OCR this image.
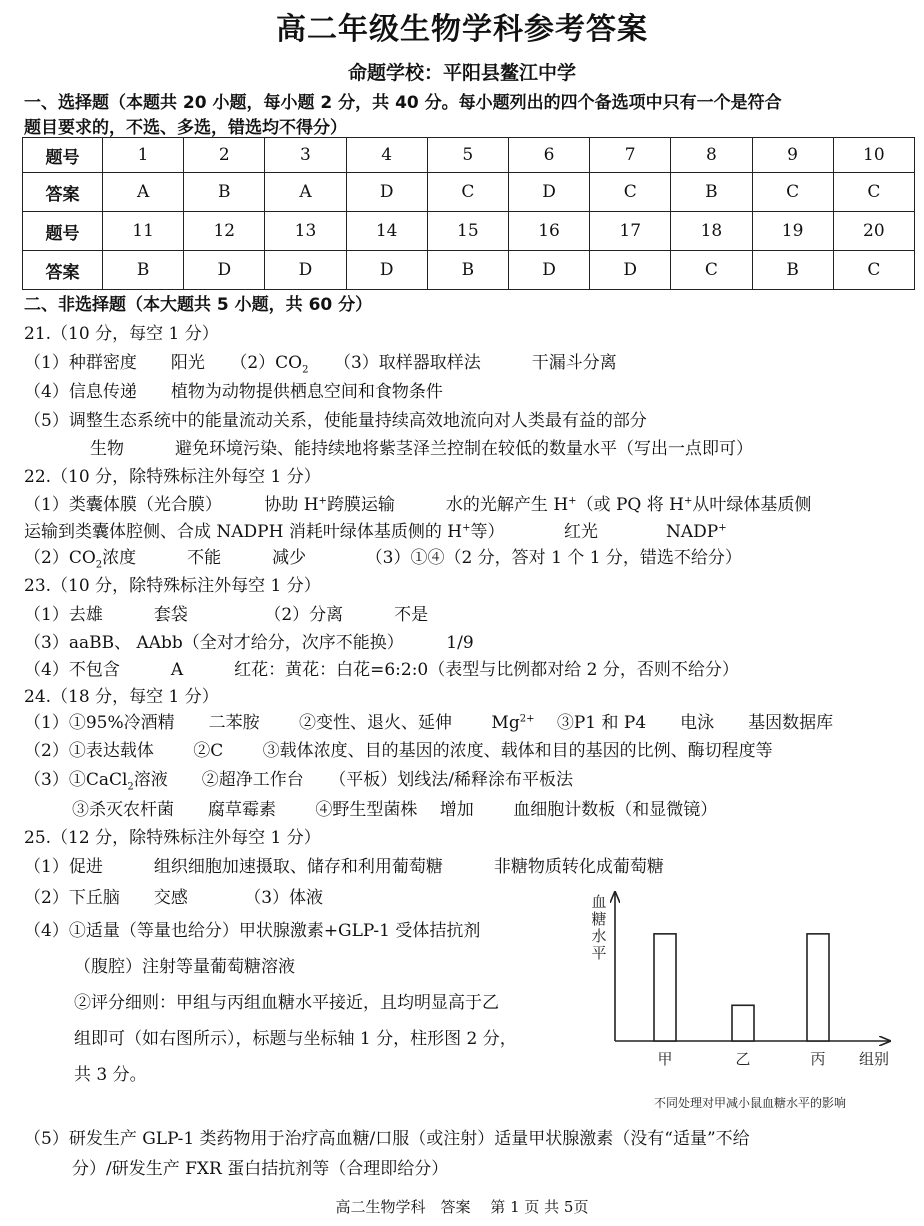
高二年级生物学科参考答案
命题学校：平阳县鳌江中学
一、选择题（本题共 20 小题，每小题 2 分，共 40 分。每小题列出的四个备选项中只有一个是符合
题目要求的，不选、多选，错选均不得分）
题号	1	2	3	4	5	6	7	8	9	10
答案	A	B	A	D	C	D	C	B	C	C
题号	11	12	13	14	15	16	17	18	19	20
答案	B	D	D	D	B	D	D	C	B	C
二、非选择题（本大题共 5 小题，共 60 分）
21.（10 分，每空 1 分）
（1）种群密度　　阳光　　$(2)CO_2$　　（3）取样器取样法　　　干漏斗分离
（4）信息传递　　植物为动物提供栖息空间和食物条件
（5）调整生态系统中的能量流动关系，使能量持续高效地流向对人类最有益的部分
生物　　　避免环境污染、能持续地将紫茎泽兰控制在较低的数量水平（写出一点即可）
22.（10 分，除特殊标注外每空 1 分）
（1）类囊体膜（光合膜）　　　协助 H+跨膜运输　　　水的光解产生 H+（或 PQ 将 H+从叶绿体基质侧
运输到类囊体腔侧、合成 NADPH 消耗叶绿体基质侧的 H+等）　　　　红光　　　　NADP+
$(2)CO_2$浓度　　　不能　　　减少　　　　（3）①④（2 分，答对 1 个 1 分，错选不给分）
23.（10 分，除特殊标注外每空 1 分）
（1）去雄　　　套袋　　　　　（2）分离　　　不是
（3）aaBB、 AAbb（全对才给分，次序不能换）　　　1/9
（4）不包含　　　A　　　红花：黄花：白花=6:2:0（表型与比例都对给 2 分，否则不给分）
24.（18 分，每空 1 分）
（1）①95%冷酒精　　二苯胺　　 ②变性、退火、延伸　　 $Mg^{2+}$　 ③P1 和 P4　　电泳　　基因数据库
（2）①表达载体　　 ②C　　 ③载体浓度、目的基因的浓度、载体和目的基因的比例、酶切程度等
（3）①CaCl$_2$溶液　　②超净工作台　　（平板）划线法/稀释涂布平板法
③杀灭农杆菌　　腐草霉素　　 ④野生型菌株　 增加　　 血细胞计数板（和显微镜）
25.（12 分，除特殊标注外每空 1 分）
（1）促进　　　组织细胞加速摄取、储存和利用葡萄糖　　　非糖物质转化成葡萄糖
（2）下丘脑　　交感　　　 （3）体液
（4）①适量（等量也给分）甲状腺激素+GLP-1 受体拮抗剂
（腹腔）注射等量葡萄糖溶液
②评分细则：甲组与丙组血糖水平接近，且均明显高于乙
组即可（如右图所示），标题与坐标轴 1 分，柱形图 2 分，
共 3 分。
（5）研发生产 GLP-1 类药物用于治疗高血糖/口服（或注射）适量甲状腺激素（没有“适量”不给
分）/研发生产 FXR 蛋白拮抗剂等（合理即给分）
血
糖
水
平
组别
甲	乙	丙
不同处理对甲减小鼠血糖水平的影响
高二生物学科　答案　 第 1 页 共 5页
